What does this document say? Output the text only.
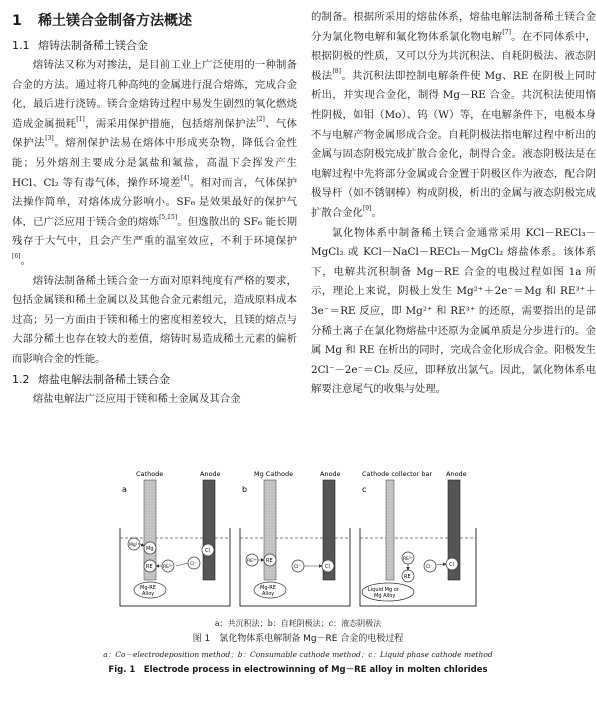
1 稀土镁合金制备方法概述
1.1 熔铸法制备稀土镁合金

熔铸法又称为对掺法，是目前工业上广泛使用的一种制备合金的方法。通过将几种高纯的金属进行混合熔炼，完成合金化，最后进行浇铸。镁合金熔铸过程中易发生剧烈的氧化燃烧造成金属损耗[1]，需采用保护措施，包括熔剂保护法[2]、气体保护法[3]。熔剂保护法易在熔体中形成夹杂物，降低合金性能；另外熔剂主要成分是氯盐和氟盐，高温下会挥发产生 HCl、Cl₂ 等有毒气体，操作环境差[4]。相对而言，气体保护法操作简单，对熔体成分影响小。SF₆ 是效果最好的保护气体，已广泛应用于镁合金的熔炼[5,15]。但逸散出的 SF₆ 能长期残存于大气中，且会产生严重的温室效应，不利于环境保护[6]。

熔铸法制备稀土镁合金一方面对原料纯度有严格的要求，包括金属镁和稀土金属以及其他合金元素组元，造成原料成本过高；另一方面由于镁和稀土的密度相差较大，且镁的熔点与大部分稀土也存在较大的差值，熔铸时易造成稀土元素的偏析而影响合金的性能。

1.2 熔盐电解法制备稀土镁合金

熔盐电解法广泛应用于镁和稀土金属及其合金

的制备。根据所采用的熔盐体系，熔盐电解法制备稀土镁合金分为氯化物电解和氟化物体系氯化物电解[7]。在不同体系中，根据阴极的性质，又可以分为共沉积法、自耗阴极法、液态阴极法[8]。共沉积法即控制电解条件使 Mg、RE 在阴极上同时析出，并实现合金化，制得 Mg－RE 合金。共沉积法使用惰性阴极，如钼（Mo）、钨（W）等，在电解条件下，电极本身不与电解产物金属形成合金。自耗阴极法指电解过程中析出的金属与固态阴极完成扩散合金化，制得合金。液态阴极法是在电解过程中先将部分金属或合金置于阴极区作为液态，配合阴极导杆（如不锈钢棒）构成阴极，析出的金属与液态阴极完成扩散合金化[9]。

氯化物体系中制备稀土镁合金通常采用 KCl－RECl₃－MgCl₂ 或 KCl－NaCl－RECl₃－MgCl₂ 熔盐体系。该体系下，电解共沉积制备 Mg－RE 合金的电极过程如图 1a 所示，理论上来说，阴极上发生 Mg²⁺＋2e⁻＝Mg 和 RE³⁺＋3e⁻＝RE 反应，即 Mg²⁺ 和 RE³⁺ 的还原，需要指出的是部分稀土离子在氯化物熔盐中还原为金属单质是分步进行的。金属 Mg 和 RE 在析出的同时，完成合金化形成合金。阳极发生 2Cl⁻－2e⁻＝Cl₂ 反应，即释放出氯气。因此，氯化物体系电解要注意尾气的收集与处理。

a
Cathode	Anode
Mg²⁺
Mg
RE RE³⁺
Cl⁻
Cl
Mg-RE
Alloy
b
Mg Cathode	Anode
RE³⁺ RE
Cl⁻	Cl
Mg-RE
Alloy
c
Cathode collector bar Anode
RE³⁺
RE
Cl⁻	Cl
Liquid Mg or
Mg Alloy
a：共沉积法；b：自耗阴极法；c：液态阴极法
图 1　氯化物体系电解制备 Mg－RE 合金的电极过程
a：Co－electrodeposition method；b：Consumable cathode method；c：Liquid phase cathode method
Fig. 1　Electrode process in electrowinning of Mg－RE alloy in molten chlorides
